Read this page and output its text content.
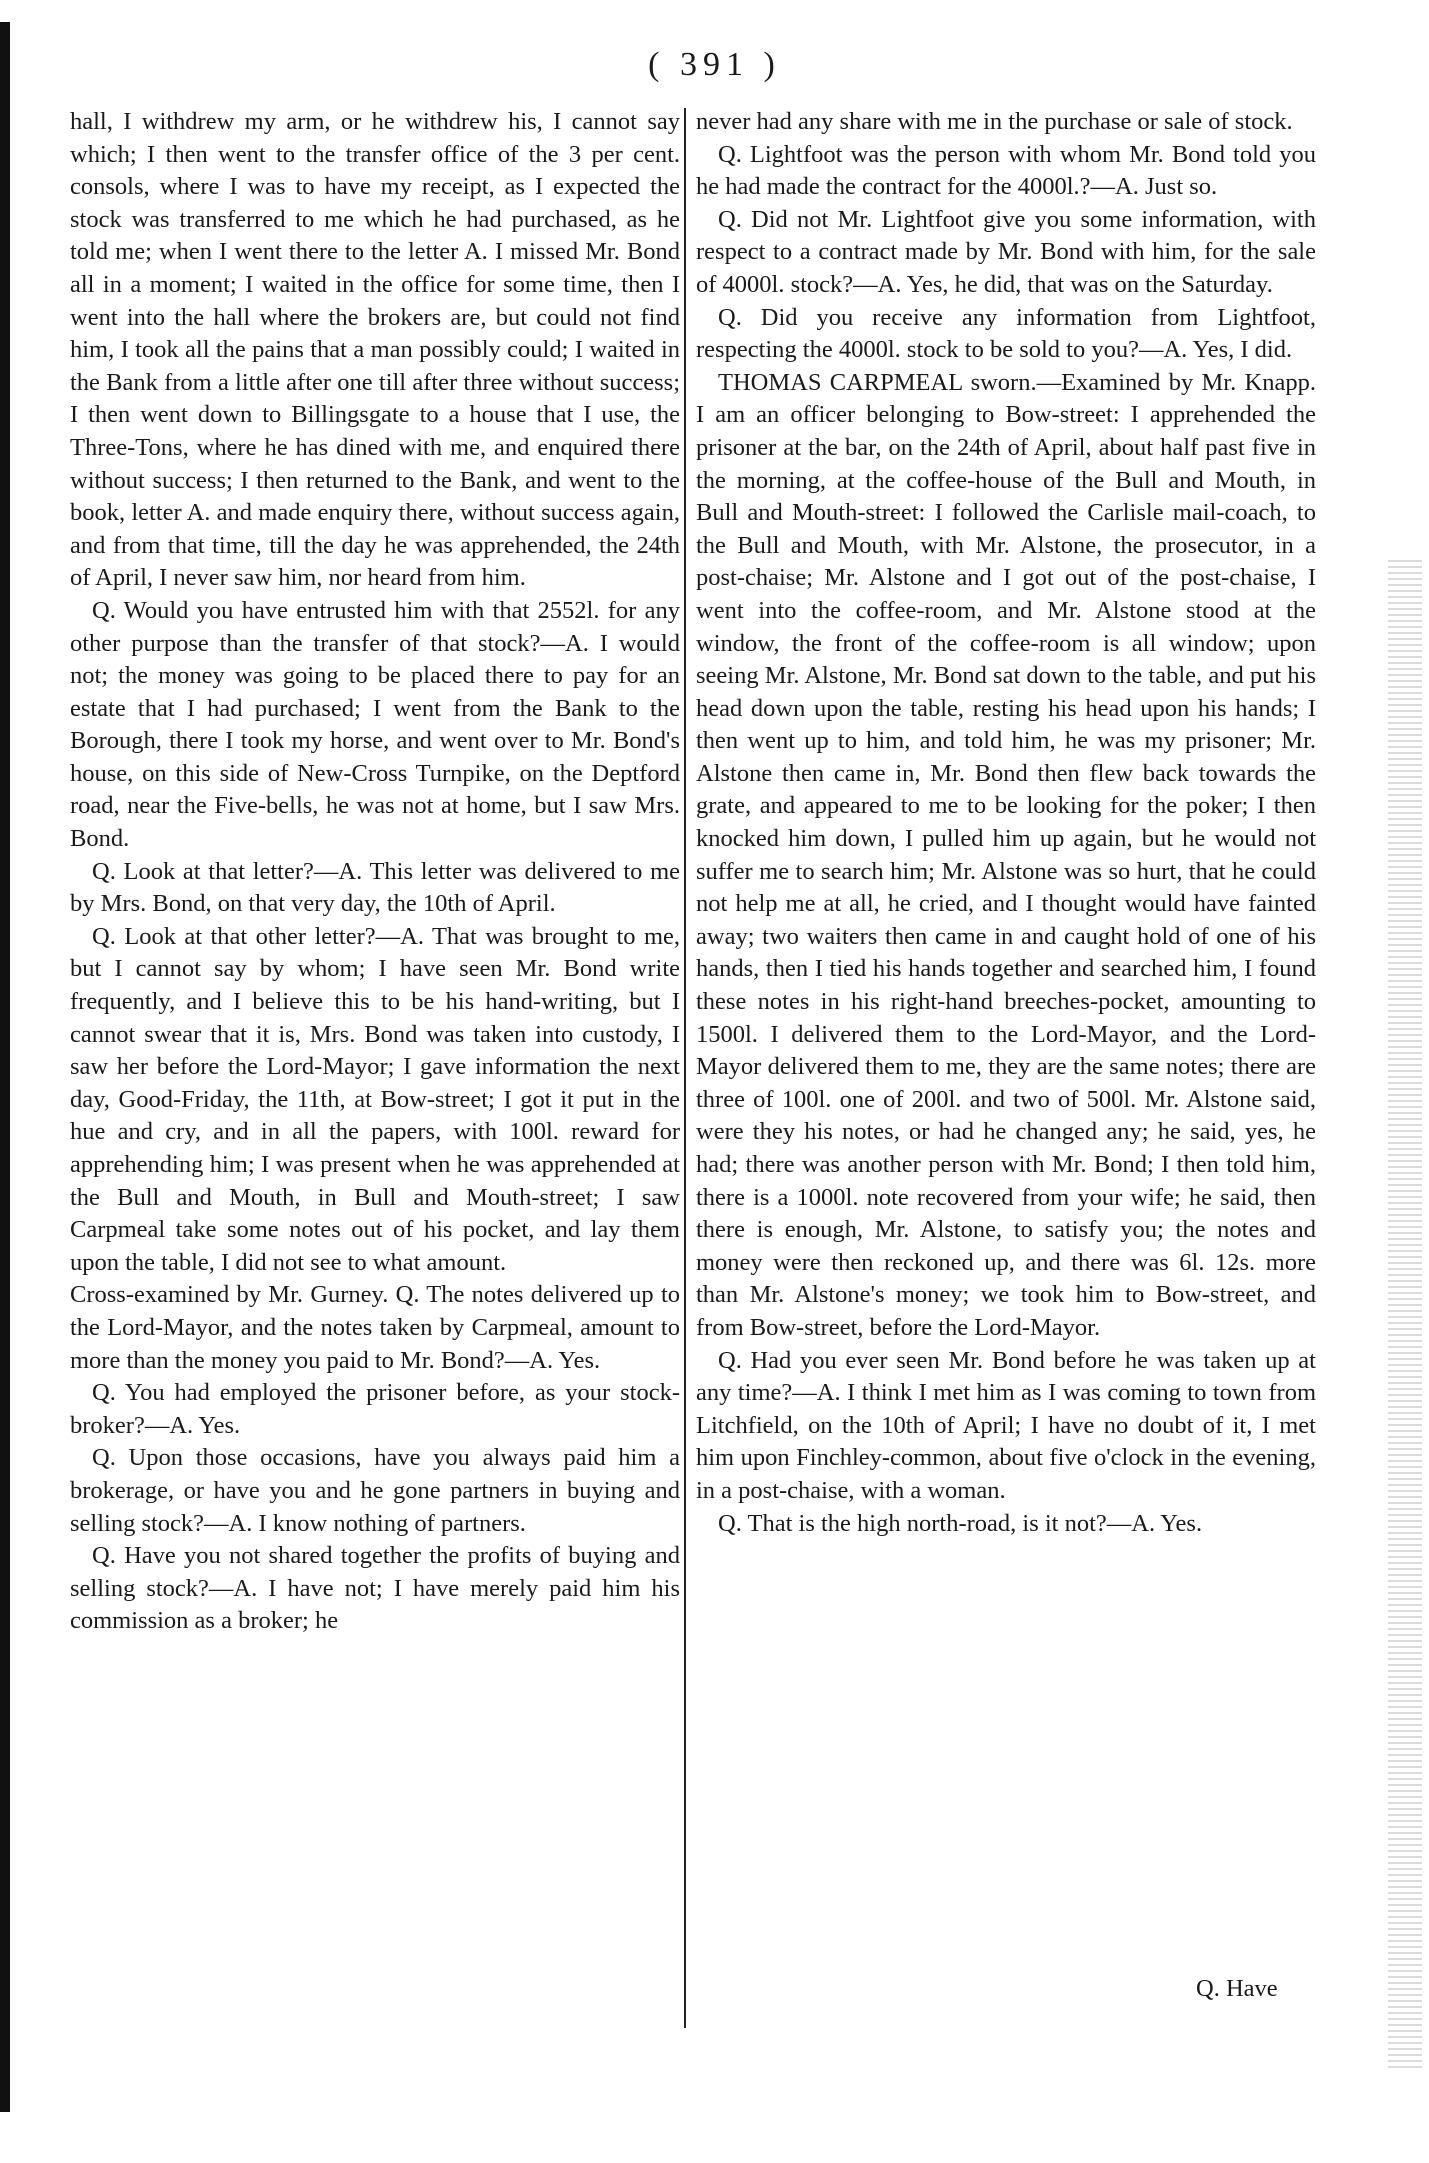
( 391 )

hall, I withdrew my arm, or he withdrew his, I cannot say which; I then went to the transfer office of the 3 per cent. consols, where I was to have my receipt, as I expected the stock was transferred to me which he had purchased, as he told me; when I went there to the letter A. I missed Mr. Bond all in a moment; I waited in the office for some time, then I went into the hall where the brokers are, but could not find him, I took all the pains that a man possibly could; I waited in the Bank from a little after one till after three without success; I then went down to Billingsgate to a house that I use, the Three-Tons, where he has dined with me, and enquired there without success; I then returned to the Bank, and went to the book, letter A. and made enquiry there, without success again, and from that time, till the day he was apprehended, the 24th of April, I never saw him, nor heard from him.

Q. Would you have entrusted him with that 2552l. for any other purpose than the transfer of that stock?—A. I would not; the money was going to be placed there to pay for an estate that I had purchased; I went from the Bank to the Borough, there I took my horse, and went over to Mr. Bond's house, on this side of New-Cross Turnpike, on the Deptford road, near the Five-bells, he was not at home, but I saw Mrs. Bond.

Q. Look at that letter?—A. This letter was delivered to me by Mrs. Bond, on that very day, the 10th of April.

Q. Look at that other letter?—A. That was brought to me, but I cannot say by whom; I have seen Mr. Bond write frequently, and I believe this to be his hand-writing, but I cannot swear that it is, Mrs. Bond was taken into custody, I saw her before the Lord-Mayor; I gave information the next day, Good-Friday, the 11th, at Bow-street; I got it put in the hue and cry, and in all the papers, with 100l. reward for apprehending him; I was present when he was apprehended at the Bull and Mouth, in Bull and Mouth-street; I saw Carpmeal take some notes out of his pocket, and lay them upon the table, I did not see to what amount.

Cross-examined by Mr. Gurney. Q. The notes delivered up to the Lord-Mayor, and the notes taken by Carpmeal, amount to more than the money you paid to Mr. Bond?—A. Yes.

Q. You had employed the prisoner before, as your stock-broker?—A. Yes.

Q. Upon those occasions, have you always paid him a brokerage, or have you and he gone partners in buying and selling stock?—A. I know nothing of partners.

Q. Have you not shared together the profits of buying and selling stock?—A. I have not; I have merely paid him his commission as a broker; he

never had any share with me in the purchase or sale of stock.

Q. Lightfoot was the person with whom Mr. Bond told you he had made the contract for the 4000l.?—A. Just so.

Q. Did not Mr. Lightfoot give you some information, with respect to a contract made by Mr. Bond with him, for the sale of 4000l. stock?—A. Yes, he did, that was on the Saturday.

Q. Did you receive any information from Lightfoot, respecting the 4000l. stock to be sold to you?—A. Yes, I did.

THOMAS CARPMEAL sworn.—Examined by Mr. Knapp. I am an officer belonging to Bow-street: I apprehended the prisoner at the bar, on the 24th of April, about half past five in the morning, at the coffee-house of the Bull and Mouth, in Bull and Mouth-street: I followed the Carlisle mail-coach, to the Bull and Mouth, with Mr. Alstone, the prosecutor, in a post-chaise; Mr. Alstone and I got out of the post-chaise, I went into the coffee-room, and Mr. Alstone stood at the window, the front of the coffee-room is all window; upon seeing Mr. Alstone, Mr. Bond sat down to the table, and put his head down upon the table, resting his head upon his hands; I then went up to him, and told him, he was my prisoner; Mr. Alstone then came in, Mr. Bond then flew back towards the grate, and appeared to me to be looking for the poker; I then knocked him down, I pulled him up again, but he would not suffer me to search him; Mr. Alstone was so hurt, that he could not help me at all, he cried, and I thought would have fainted away; two waiters then came in and caught hold of one of his hands, then I tied his hands together and searched him, I found these notes in his right-hand breeches-pocket, amounting to 1500l. I delivered them to the Lord-Mayor, and the Lord-Mayor delivered them to me, they are the same notes; there are three of 100l. one of 200l. and two of 500l. Mr. Alstone said, were they his notes, or had he changed any; he said, yes, he had; there was another person with Mr. Bond; I then told him, there is a 1000l. note recovered from your wife; he said, then there is enough, Mr. Alstone, to satisfy you; the notes and money were then reckoned up, and there was 6l. 12s. more than Mr. Alstone's money; we took him to Bow-street, and from Bow-street, before the Lord-Mayor.

Q. Had you ever seen Mr. Bond before he was taken up at any time?—A. I think I met him as I was coming to town from Litchfield, on the 10th of April; I have no doubt of it, I met him upon Finchley-common, about five o'clock in the evening, in a post-chaise, with a woman.

Q. That is the high north-road, is it not?—A. Yes.

Q. Have
